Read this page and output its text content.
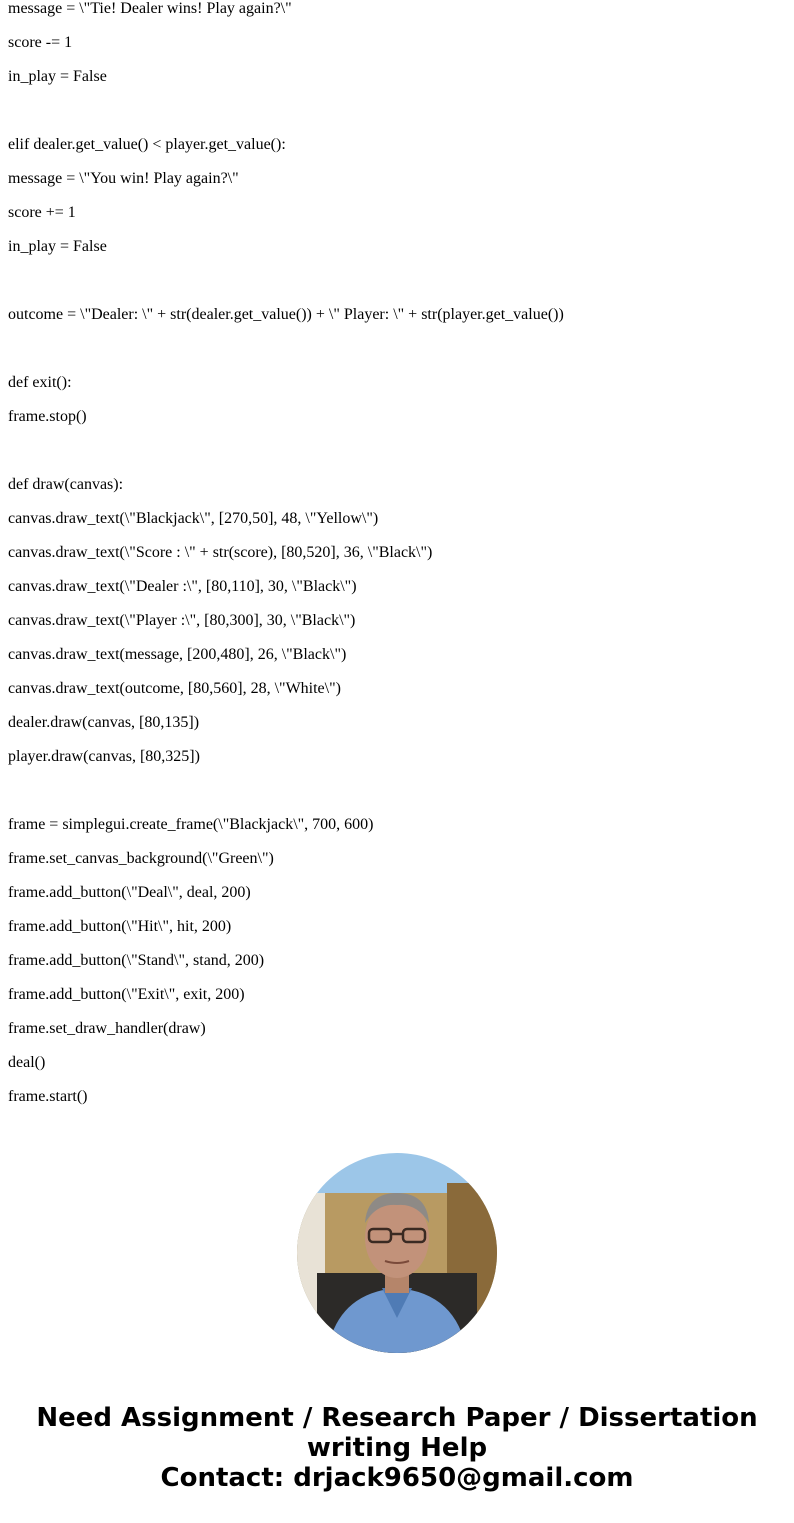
message = \"Tie! Dealer wins! Play again?\"
score -= 1
in_play = False
elif dealer.get_value() < player.get_value():
message = \"You win! Play again?\"
score += 1
in_play = False
outcome = \"Dealer: \" + str(dealer.get_value()) + \" Player: \" + str(player.get_value())
def exit():
frame.stop()
def draw(canvas):
canvas.draw_text(\"Blackjack\", [270,50], 48, \"Yellow\")
canvas.draw_text(\"Score : \" + str(score), [80,520], 36, \"Black\")
canvas.draw_text(\"Dealer :\", [80,110], 30, \"Black\")
canvas.draw_text(\"Player :\", [80,300], 30, \"Black\")
canvas.draw_text(message, [200,480], 26, \"Black\")
canvas.draw_text(outcome, [80,560], 28, \"White\")
dealer.draw(canvas, [80,135])
player.draw(canvas, [80,325])
frame = simplegui.create_frame(\"Blackjack\", 700, 600)
frame.set_canvas_background(\"Green\")
frame.add_button(\"Deal\", deal, 200)
frame.add_button(\"Hit\", hit, 200)
frame.add_button(\"Stand\", stand, 200)
frame.add_button(\"Exit\", exit, 200)
frame.set_draw_handler(draw)
deal()
frame.start()
Need Assignment / Research Paper / Dissertation
writing Help
Contact: drjack9650@gmail.com
